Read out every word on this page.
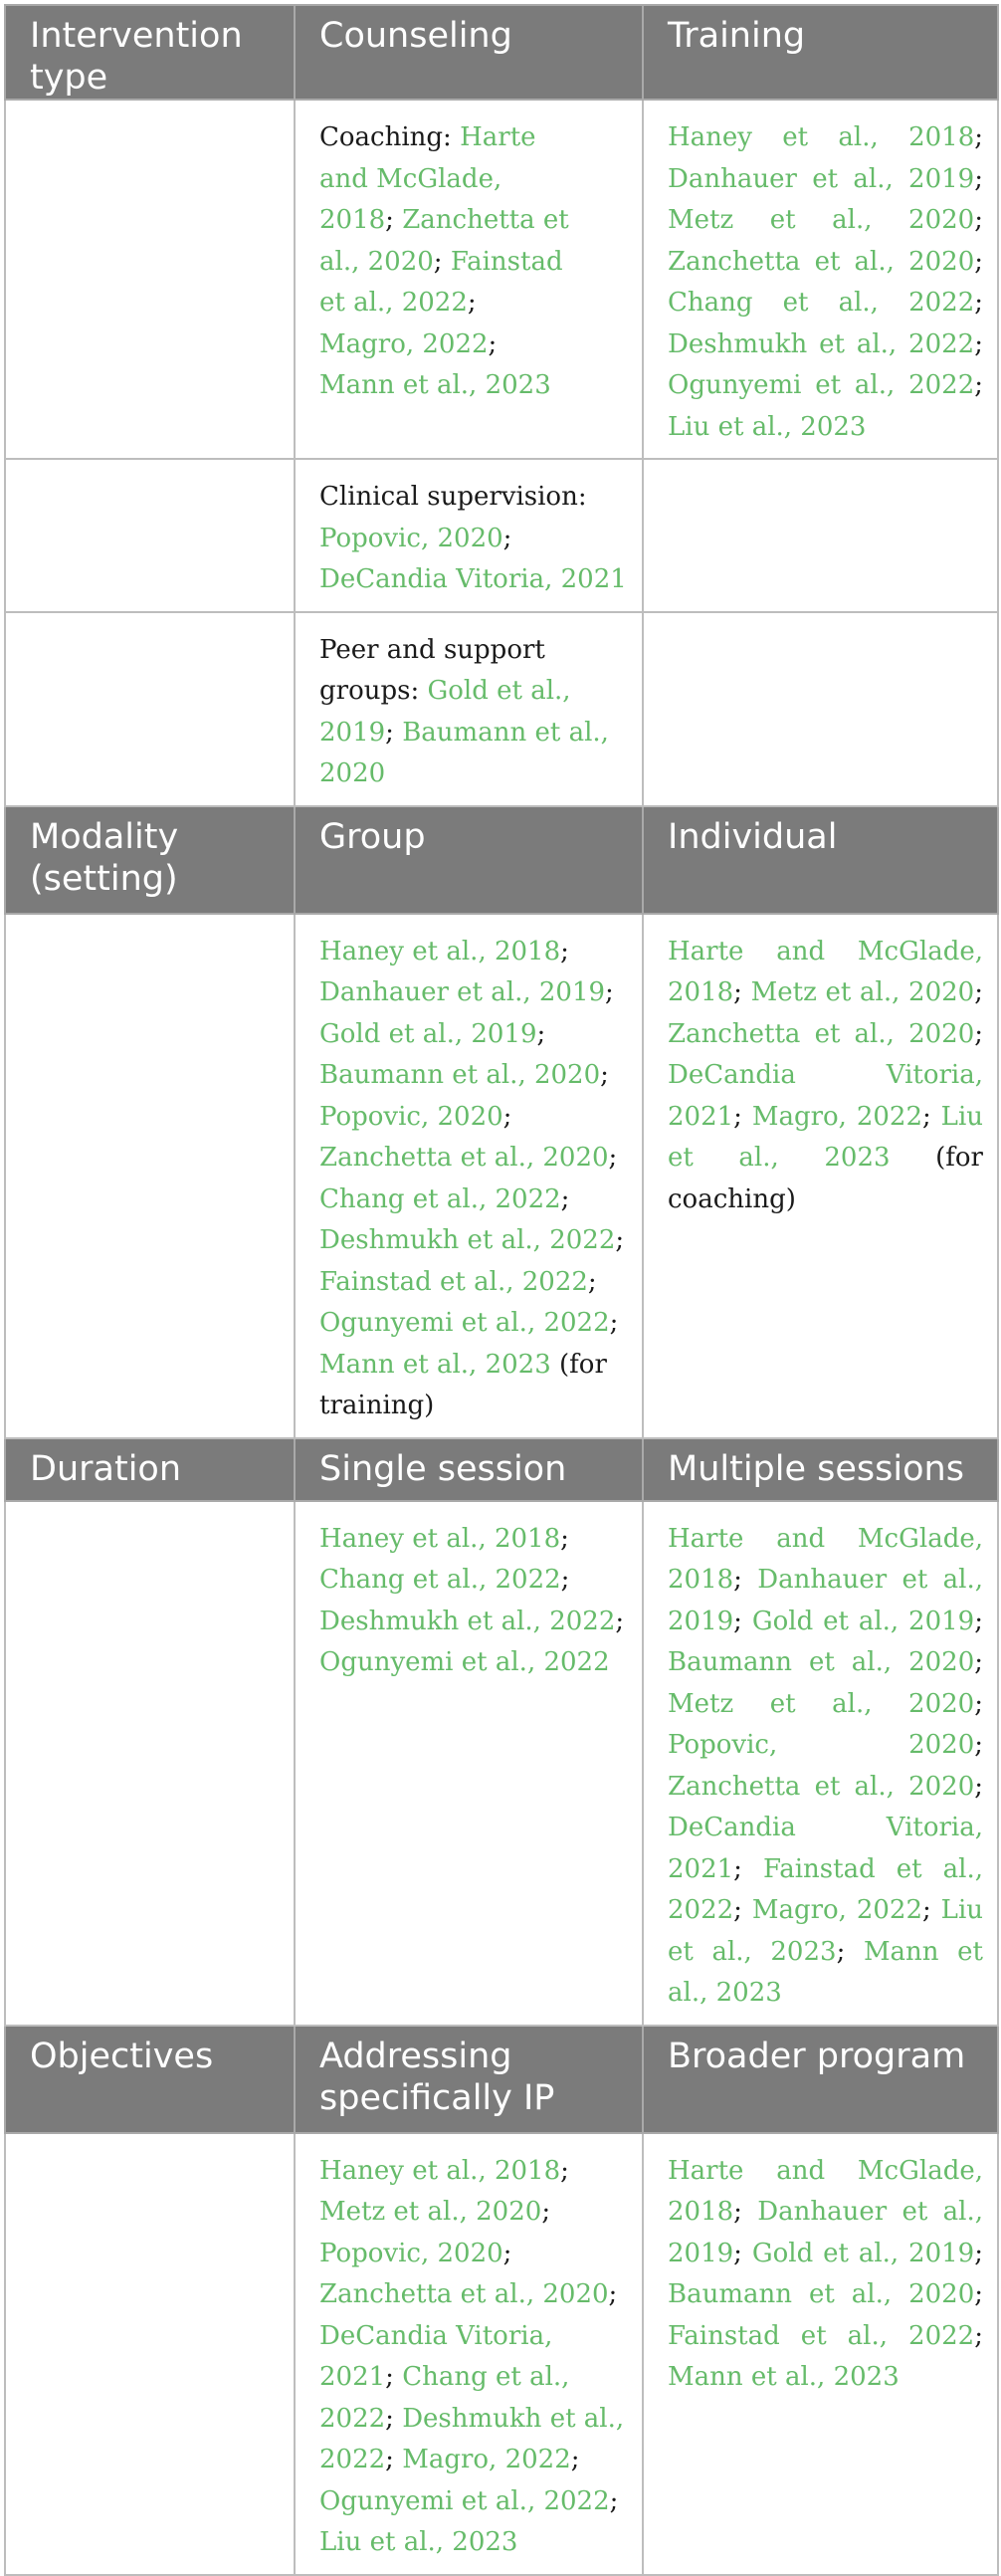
Intervention type	Counseling	Training

	Coaching: Harte and McGlade, 2018; Zanchetta et al., 2020; Fainstad et al., 2022; Magro, 2022; Mann et al., 2023	Haney et al., 2018; Danhauer et al., 2019; Metz et al., 2020; Zanchetta et al., 2020; Chang et al., 2022; Deshmukh et al., 2022; Ogunyemi et al., 2022; Liu et al., 2023
	Clinical supervision: Popovic, 2020; DeCandia Vitoria, 2021	
	Peer and support groups: Gold et al., 2019; Baumann et al., 2020	
Modality (setting)	Group	Individual
	Haney et al., 2018; Danhauer et al., 2019; Gold et al., 2019; Baumann et al., 2020; Popovic, 2020; Zanchetta et al., 2020; Chang et al., 2022; Deshmukh et al., 2022; Fainstad et al., 2022; Ogunyemi et al., 2022; Mann et al., 2023 (for training)	Harte and McGlade, 2018; Metz et al., 2020; Zanchetta et al., 2020; DeCandia Vitoria, 2021; Magro, 2022; Liu et al., 2023 (for coaching)
Duration	Single session	Multiple sessions
	Haney et al., 2018; Chang et al., 2022; Deshmukh et al., 2022; Ogunyemi et al., 2022	Harte and McGlade, 2018; Danhauer et al., 2019; Gold et al., 2019; Baumann et al., 2020; Metz et al., 2020; Popovic, 2020; Zanchetta et al., 2020; DeCandia Vitoria, 2021; Fainstad et al., 2022; Magro, 2022; Liu et al., 2023; Mann et al., 2023
Objectives	Addressing specifically IP	Broader program
	Haney et al., 2018; Metz et al., 2020; Popovic, 2020; Zanchetta et al., 2020; DeCandia Vitoria, 2021; Chang et al., 2022; Deshmukh et al., 2022; Magro, 2022; Ogunyemi et al., 2022; Liu et al., 2023	Harte and McGlade, 2018; Danhauer et al., 2019; Gold et al., 2019; Baumann et al., 2020; Fainstad et al., 2022; Mann et al., 2023
